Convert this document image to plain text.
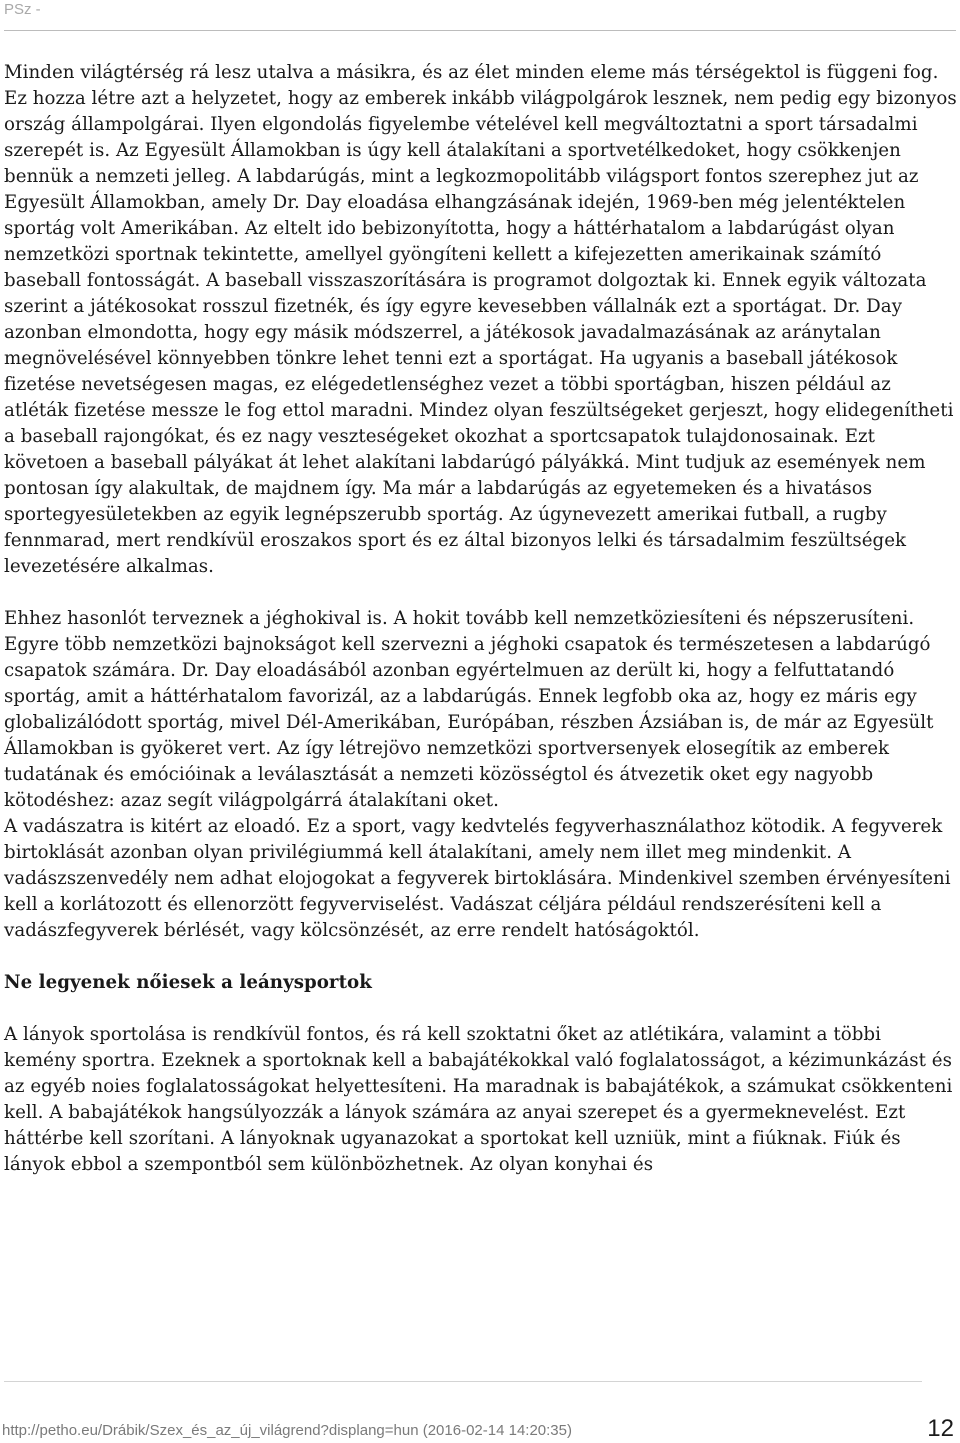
PSz -

Minden világtérség rá lesz utalva a másikra, és az élet minden eleme más térségektol is függeni fog. Ez hozza létre azt a helyzetet, hogy az emberek inkább világpolgárok lesznek, nem pedig egy bizonyos ország állampolgárai. Ilyen elgondolás figyelembe vételével kell megváltoztatni a sport társadalmi szerepét is. Az Egyesült Államokban is úgy kell átalakítani a sportvetélkedoket, hogy csökkenjen bennük a nemzeti jelleg. A labdarúgás, mint a legkozmopolitább világsport fontos szerephez jut az Egyesült Államokban, amely Dr. Day eloadása elhangzásának idején, 1969-ben még jelentéktelen sportág volt Amerikában. Az eltelt ido bebizonyította, hogy a háttérhatalom a labdarúgást olyan nemzetközi sportnak tekintette, amellyel gyöngíteni kellett a kifejezetten amerikainak számító baseball fontosságát. A baseball visszaszorítására is programot dolgoztak ki. Ennek egyik változata szerint a játékosokat rosszul fizetnék, és így egyre kevesebben vállalnák ezt a sportágat. Dr. Day azonban elmondotta, hogy egy másik módszerrel, a játékosok javadalmazásának az aránytalan megnövelésével könnyebben tönkre lehet tenni ezt a sportágat. Ha ugyanis a baseball játékosok fizetése nevetségesen magas, ez elégedetlenséghez vezet a többi sportágban, hiszen például az atléták fizetése messze le fog ettol maradni. Mindez olyan feszültségeket gerjeszt, hogy elidegenítheti a baseball rajongókat, és ez nagy veszteségeket okozhat a sportcsapatok tulajdonosainak. Ezt követoen a baseball pályákat át lehet alakítani labdarúgó pályákká. Mint tudjuk az események nem pontosan így alakultak, de majdnem így. Ma már a labdarúgás az egyetemeken és a hivatásos sportegyesületekben az egyik legnépszerubb sportág. Az úgynevezett amerikai futball, a rugby fennmarad, mert rendkívül eroszakos sport és ez által bizonyos lelki és társadalmim feszültségek levezetésére alkalmas.

Ehhez hasonlót terveznek a jéghokival is. A hokit tovább kell nemzetköziesíteni és népszerusíteni. Egyre több nemzetközi bajnokságot kell szervezni a jéghoki csapatok és természetesen a labdarúgó csapatok számára. Dr. Day eloadásából azonban egyértelmuen az derült ki, hogy a felfuttatandó sportág, amit a háttérhatalom favorizál, az a labdarúgás. Ennek legfobb oka az, hogy ez máris egy globalizálódott sportág, mivel Dél-Amerikában, Európában, részben Ázsiában is, de már az Egyesült Államokban is gyökeret vert. Az így létrejövo nemzetközi sportversenyek elosegítik az emberek tudatának és emócióinak a leválasztását a nemzeti közösségtol és átvezetik oket egy nagyobb kötodéshez: azaz segít világpolgárrá átalakítani oket.

A vadászatra is kitért az eloadó. Ez a sport, vagy kedvtelés fegyverhasználathoz kötodik. A fegyverek birtoklását azonban olyan privilégiummá kell átalakítani, amely nem illet meg mindenkit. A vadászszenvedély nem adhat elojogokat a fegyverek birtoklására. Mindenkivel szemben érvényesíteni kell a korlátozott és ellenorzött fegyverviselést. Vadászat céljára például rendszerésíteni kell a vadászfegyverek bérlését, vagy kölcsönzését, az erre rendelt hatóságoktól.

Ne legyenek nőiesek a leánysportok

A lányok sportolása is rendkívül fontos, és rá kell szoktatni őket az atlétikára, valamint a többi kemény sportra. Ezeknek a sportoknak kell a babajátékokkal való foglalatosságot, a kézimunkázást és az egyéb noies foglalatosságokat helyettesíteni. Ha maradnak is babajátékok, a számukat csökkenteni kell. A babajátékok hangsúlyozzák a lányok számára az anyai szerepet és a gyermeknevelést. Ezt háttérbe kell szorítani. A lányoknak ugyanazokat a sportokat kell uzniük, mint a fiúknak. Fiúk és lányok ebbol a szempontból sem különbözhetnek. Az olyan konyhai és

http://petho.eu/Drábik/Szex_és_az_új_világrend?displang=hun (2016-02-14 14:20:35)	12
